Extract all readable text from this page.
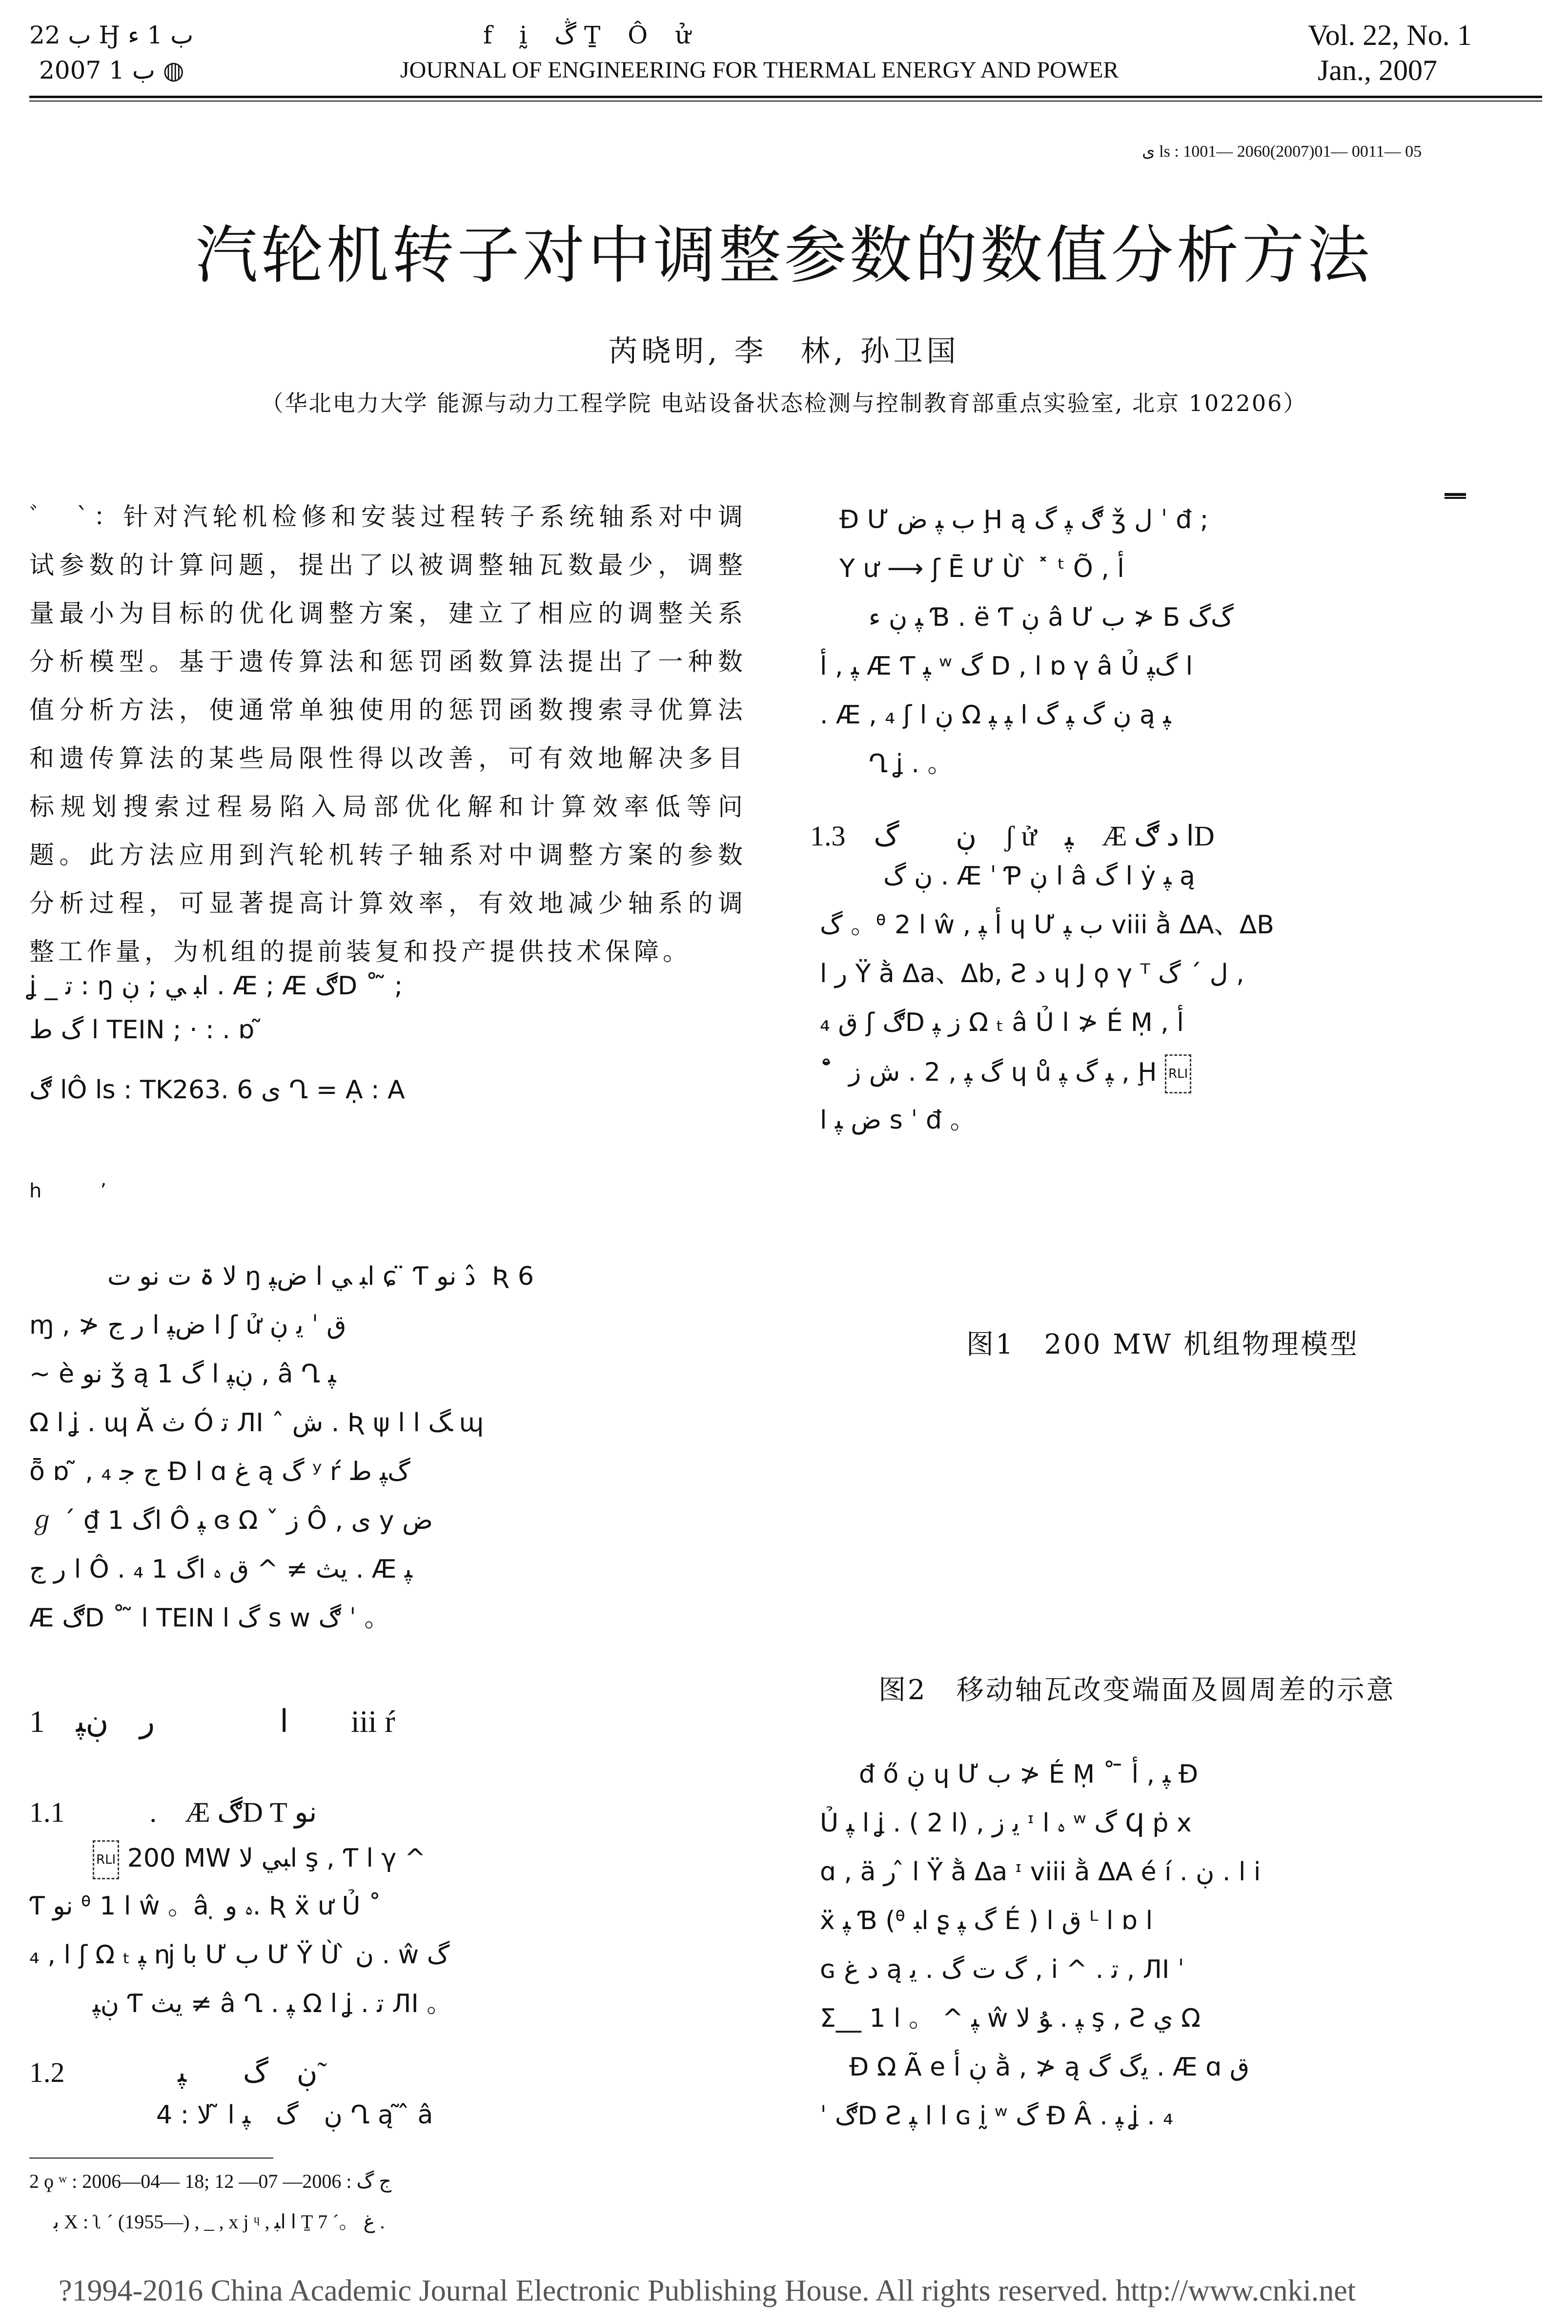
ب 22 Ӈ ب 1 ء
2007 ب 1 ◍
f ḭ ڴ Ṯ Ô ử
JOURNAL OF ENGINEERING FOR THERMAL ENERGY AND POWER
Vol. 22, No. 1
Jan., 2007
ى ls : 1001— 2060(2007)01— 0011— 05
汽轮机转子对中调整参数的数值分析方法
芮晓明, 李　林, 孙卫国
（华北电力大学 能源与动力工程学院 电站设备状态检测与控制教育部重点实验室, 北京 102206）
ﾞ　ˋ：针对汽轮机检修和安装过程转子系统轴系对中调试参数的计算问题，提出了以被调整轴瓦数最少，调整量最小为目标的优化调整方案，建立了相应的调整关系分析模型。基于遗传算法和惩罚函数算法提出了一种数值分析方法，使通常单独使用的惩罚函数搜索寻优算法和遗传算法的某些局限性得以改善，可有效地解决多目标规划搜索过程易陷入局部优化解和计算效率低等问题。此方法应用到汽轮机转子轴系对中调整方案的参数分析过程，可显著提高计算效率，有效地减少轴系的调整工作量，为机组的提前装复和投产提供技术保障。
ʝ _ ﺗ : ŋ ﺍﺒ ﻲ ; ڹ . Æ ; Æ ڰD ˚ ̃ ;
ﺍ ﮒ ﻁ TEIN ; · : . ɒ ̃
ﺍ ڰÔ ls : TK263. 6 ى Ղ = Ạ : A
h　　　ʼ
ﻻ ۃ ﺕ ﻧﻮ ﺕ ŋ ﺍﺒ ﻲ ﺍ ﺽﭙ ɕ ̈ Ƭ ﺩ ﻧﻮ ̂ Ʀ 6
ɱ , ≯ ﺍ ﺽﭙ ﺍ ﺭ ﺝ ʃ ử ﻕ ˈ ﻳ ڹ
~ è ﻧﻮ ǯ ą ڹﭙ ﺍ ﮒ 1 , â Ղ ﭙ
Ω ﺍ ʝ . ɰ Ă ﺙ Ó ﺗ ЛІ ˆ ﺵ . Ʀ ψ ﮓ ﺍ ﺍ ɰ
ȭ ɒ ̃ , ﺝ ﺟ ₄ Ɖ ﺍ ɑ ﻍ ą ﮒ ʸ ŕ ﮒﭙ ﻁ
ℊ ˊ ₫ ﺍﮒ 1 Ô ﭙ ɞ Ω ˇ ﺯ Ô , ﻯ y ﺽ
ﺍ ﺭ ﺝ Ô . ₄ ﻳﺚ ≠ ^ ﻕ ﮦ ﺍﮒ 1 . Æ ﭙ
Æ ڰD ˚ ̃ ﺍ TEIN ﮒ ﺍ s w ڰ ˈ 。
1　ﺍ　　　　ﺭ　ڹﭙ　　iii ŕ
1.1　　　.　Æ ڰD Ƭ ﻧﻮ
RLI 200 MW ﺍﺒﻲ ﻻ ş , Ƭ ﺍ γ ^
Ƭ ﻧﻮ ᶿ ﺍ 1 ŵ 。â ̣ ﮦ ﻭ. Ʀ ẍ ư Ủ ˚
ﺍ , ₄ ʃ Ω ₜ ﭙ ǌ ﺑﺎ Ư ﺏ Ư Ÿ Ù ̀ ﻥ . ŵ ﮒ
ڹﭙ Ƭ ﻳﺚ ≠ â Ղ . ﭙ Ω ﺍ ʝ . ﺗ ЛІ 。
1.2　　　　ڹ　ﮒ　　ﭙ ̃
ڹ　ﮒ　ﭙ ﺍ ̃ ﻻ : 4 Ղ ą ̃ ̂ â
2 ϙ ʷ : 2006—04— 18; ﺝ ﮒ : 2006— 07— 12
ﺑ X : ʅ ˊ (1955—) , _ , x j ᶣ , ﺍ ﺍﺒ Ṯ ﻍ 。ˊ 7 .
Ɖ Ư ﺏ ﭙ ﺽ Ḩ ą ڰ ﭙ ﮒ ǯ ﻝ ˈ đ ;
Y ư ⟶ ʃ Ē Ư Ù ̀ ˟ ᵗ Õ , ﺃ
ﭙ ڹ ﺀ Ɓ . ë Ƭ ڹ â Ư ﺏ ≯ Б ﮒﮒ
ﭙ , ﺃ Æ Ƭ ﭙ ʷ ﮒ D , ﺍ ɒ γ â Ủ ﺍ ﮒﭙ
. Æ , ₄ ʃ ڹ ﺍ Ω ڹ ﮒ ﭙ ﮒ ﺍ ﭙ ﭙ ą ﭙ
Ղ ʝ . 。
1.3　ڹ　　ﮒ　ʃ ử　ﭙ　Æ ﺍ ﺩ ڰD
ڹ ﮒ . Æ ˈ Ƥ ﺍ ڹ â ﺍ ﮒ ẏ ﭙ ą
ﮒ 。ᶿ ﺍ 2 ŵ , ﺃ ﭙ ɥ Ư ﺏ ﭙ viii ằ ΔA、ΔB
ﺭ ﺍ Ÿ ằ Δa、Δb, Ƨ ﺩ ɥ J ϙ γ ᵀ ﻝ ˊ ﮒ ,
ﻕ ₄ ʃ ڰD ﺯ ﭙ Ω ₜ â Ủ ﺍ ≯ É Ṃ , ﺃ
˚ ̄ ﮒ ﭙ , 2 . ﺵ ﺯ ɥ ů ﭙ ﮒ ﭙ , Ḩ RLI
ﺽ ﭙ ﺍ s ˈ đ 。
图1　200 MW 机组物理模型
图2　移动轴瓦改变端面及圆周差的示意
đ ő ڹ ɥ Ư ﺏ ≯ É Ṃ ˚ ̄ ﭙ , ﺃ Ɖ
Ủ ﺍ ﭙ ʝ . ( ﺍ 2) , ﻳ ﺯ ᶦ ﮦ ﺍ ʷ ﮒ Ϥ ṗ x
ɑ , ä ﺍ ̂ ﺭ Ÿ ằ Δa ᶦ viii ằ ΔA é í . ﺍ . ڹ i
ẍ ﭙ Ɓ (ᶿ ﺍﺒ ʂ ﮒ ﭙ É ) ﻕ ﺍ ᴸ ﺍ ɒ ﺍ
ɢ ﺩ ﻍ ą ﮒ ﺕ ﮒ . ﻳ , i ^ . ﺗ , ЛІ ˈ
Σ__ ﭙ ^ 。 ﺍ 1 ŵ ﭙ . ﯘ ﻻ ş , Ƨ ﻱ Ω
Ɖ Ω Ã e ڹ ﺃ ằ , ≯ ą ﻳﮒ ﮒ . Æ ɑ ﻕ
ˈ ڰD Ƨ ﺍ ﺍ ﭙ ɢ ḭ ʷ ﮒ Ɖ Â . ﭙ ʝ . ₄
?1994-2016 China Academic Journal Electronic Publishing House. All rights reserved. http://www.cnki.net
